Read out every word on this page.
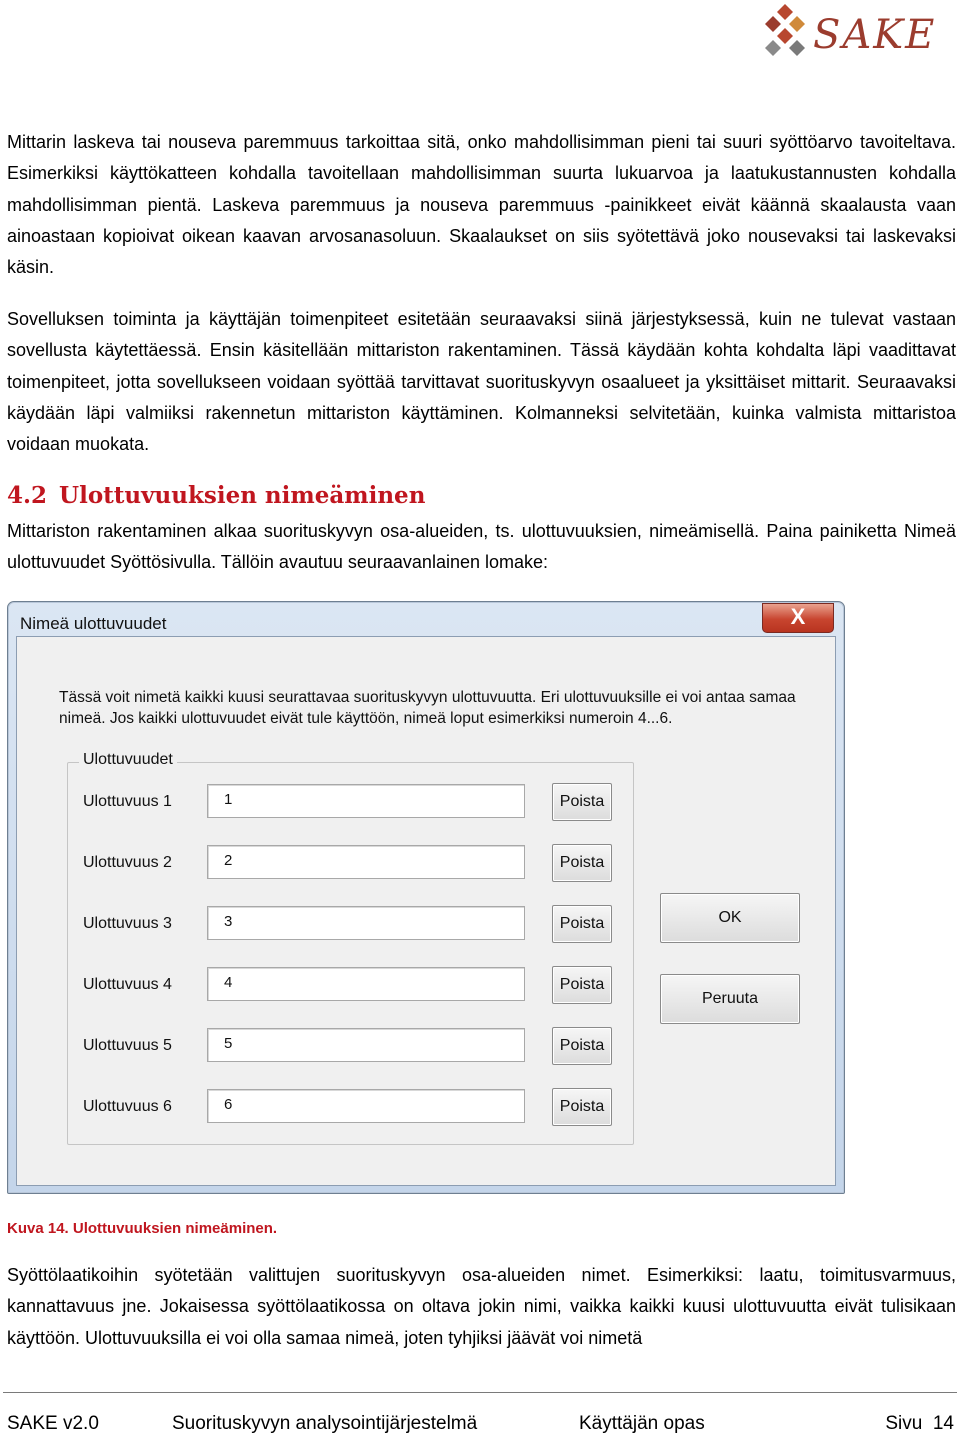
SAKE
Mittarin laskeva tai nouseva paremmuus tarkoittaa sitä, onko mahdollisimman pieni tai suuri syöttöarvo tavoiteltava. Esimerkiksi käyttökatteen kohdalla tavoitellaan mahdollisimman suurta lukuarvoa ja laatukustannusten kohdalla mahdollisimman pientä. Laskeva paremmuus ja nouseva paremmuus -painikkeet eivät käännä skaalausta vaan ainoastaan kopioivat oikean kaavan arvosanasoluun. Skaalaukset on siis syötettävä joko nousevaksi tai laskevaksi käsin.
Sovelluksen toiminta ja käyttäjän toimenpiteet esitetään seuraavaksi siinä järjestyksessä, kuin ne tulevat vastaan sovellusta käytettäessä. Ensin käsitellään mittariston rakentaminen. Tässä käydään kohta kohdalta läpi vaadittavat toimenpiteet, jotta sovellukseen voidaan syöttää tarvittavat suorituskyvyn osaalueet ja yksittäiset mittarit. Seuraavaksi käydään läpi valmiiksi rakennetun mittariston käyttäminen. Kolmanneksi selvitetään, kuinka valmista mittaristoa voidaan muokata.
4.2 Ulottuvuuksien nimeäminen
Mittariston rakentaminen alkaa suorituskyvyn osa-alueiden, ts. ulottuvuuksien, nimeämisellä. Paina painiketta Nimeä ulottuvuudet Syöttösivulla. Tällöin avautuu seuraavanlainen lomake:
Nimeä ulottuvuudet	X
Tässä voit nimetä kaikki kuusi seurattavaa suorituskyvyn ulottuvuutta. Eri ulottuvuuksille ei voi antaa samaa nimeä. Jos kaikki ulottuvuudet eivät tule käyttöön, nimeä loput esimerkiksi numeroin 4...6.
Ulottuvuudet
Ulottuvuus 1	1	Poista
Ulottuvuus 2	2	Poista
Ulottuvuus 3	3	Poista
Ulottuvuus 4	4	Poista
Ulottuvuus 5	5	Poista
Ulottuvuus 6	6	Poista
OK
Peruuta
Kuva 14. Ulottuvuuksien nimeäminen.
Syöttölaatikoihin syötetään valittujen suorituskyvyn osa-alueiden nimet. Esimerkiksi: laatu, toimitusvarmuus, kannattavuus jne. Jokaisessa syöttölaatikossa on oltava jokin nimi, vaikka kaikki kuusi ulottuvuutta eivät tulisikaan käyttöön. Ulottuvuuksilla ei voi olla samaa nimeä, joten tyhjiksi jäävät voi nimetä
SAKE v2.0	Suorituskyvyn analysointijärjestelmä	Käyttäjän opas	Sivu  14
